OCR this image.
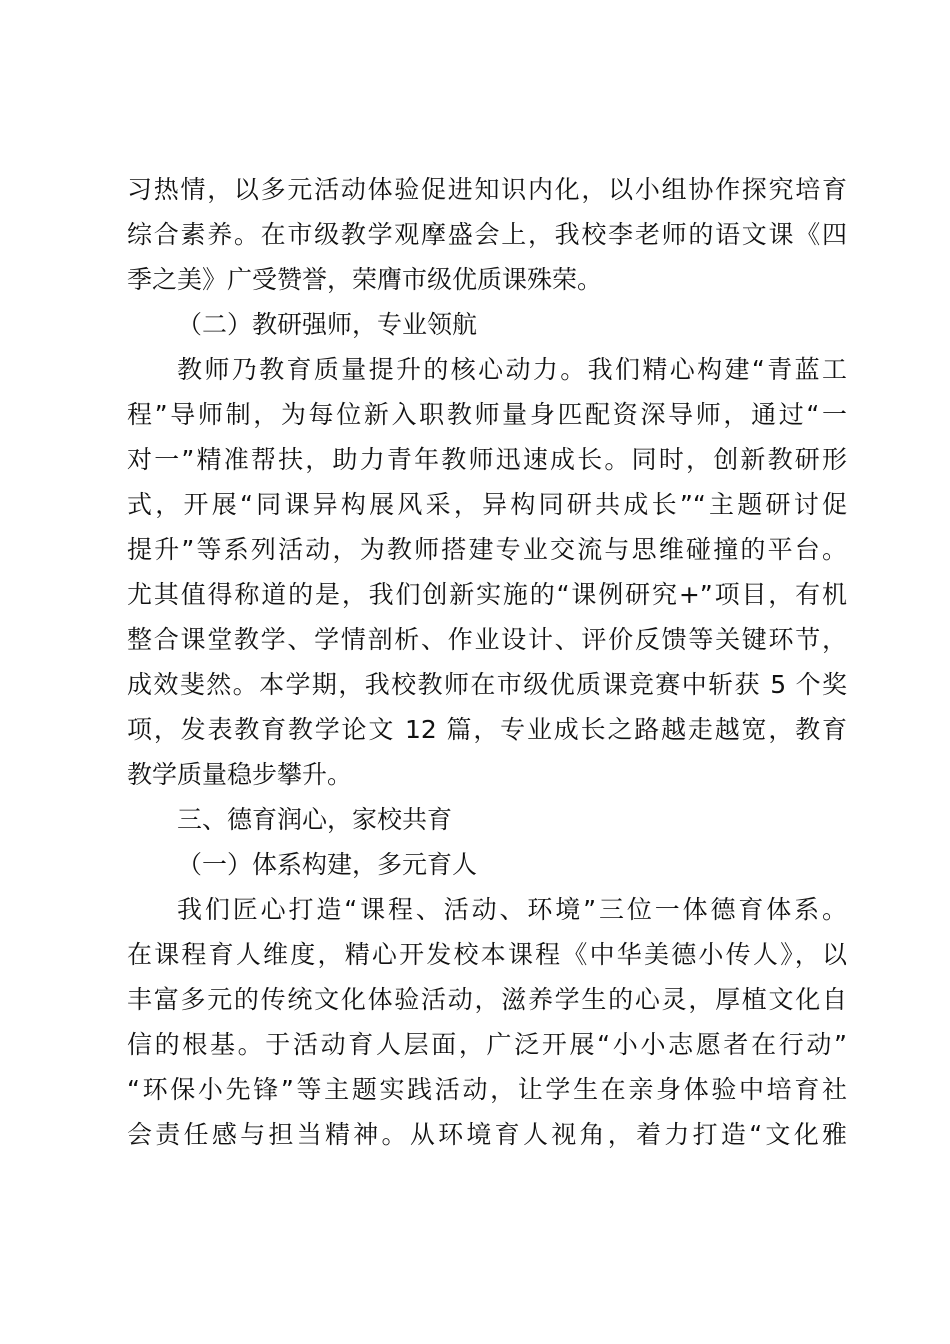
习热情，以多元活动体验促进知识内化，以小组协作探究培育
综合素养。在市级教学观摩盛会上，我校李老师的语文课《四
季之美》广受赞誉，荣膺市级优质课殊荣。
（二）教研强师，专业领航
教师乃教育质量提升的核心动力。我们精心构建“青蓝工
程”导师制，为每位新入职教师量身匹配资深导师，通过“一
对一”精准帮扶，助力青年教师迅速成长。同时，创新教研形
式，开展“同课异构展风采，异构同研共成长”“主题研讨促
提升”等系列活动，为教师搭建专业交流与思维碰撞的平台。
尤其值得称道的是，我们创新实施的“课例研究+”项目，有机
整合课堂教学、学情剖析、作业设计、评价反馈等关键环节，
成效斐然。本学期，我校教师在市级优质课竞赛中斩获 5 个奖
项，发表教育教学论文 12 篇，专业成长之路越走越宽，教育
教学质量稳步攀升。
三、德育润心，家校共育
（一）体系构建，多元育人
我们匠心打造“课程、活动、环境”三位一体德育体系。
在课程育人维度，精心开发校本课程《中华美德小传人》，以
丰富多元的传统文化体验活动，滋养学生的心灵，厚植文化自
信的根基。于活动育人层面，广泛开展“小小志愿者在行动”
“环保小先锋”等主题实践活动，让学生在亲身体验中培育社
会责任感与担当精神。从环境育人视角，着力打造“文化雅
